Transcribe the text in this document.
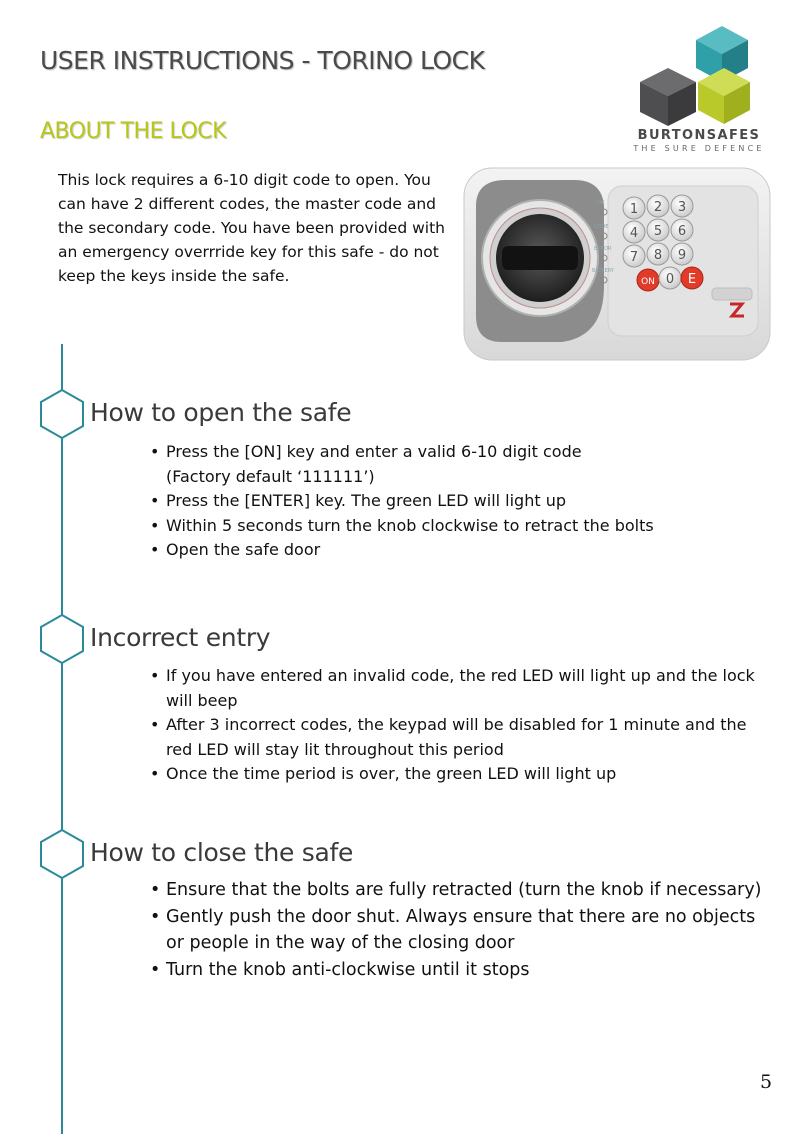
USER INSTRUCTIONS - TORINO LOCK
ABOUT THE LOCK	BURTONSAFES
THE SURE DEFENCE
This lock requires a 6-10 digit code to open. You can have 2 different codes, the master code and the secondary code. You have been provided with an emergency overrride key for this safe - do not keep the keys inside the safe.
OK
CODE
ERROR
BATTERY
1 2 3
4 5 6
7 8 9
ON 0 E
How to open the safe
• Press the [ON] key and enter a valid 6-10 digit code
(Factory default ‘111111’)
• Press the [ENTER] key. The green LED will light up
• Within 5 seconds turn the knob clockwise to retract the bolts
• Open the safe door
Incorrect entry
• If you have entered an invalid code, the red LED will light up and the lock will beep
• After 3 incorrect codes, the keypad will be disabled for 1 minute and the red LED will stay lit throughout this period
• Once the time period is over, the green LED will light up
How to close the safe
• Ensure that the bolts are fully retracted (turn the knob if necessary)
• Gently push the door shut. Always ensure that there are no objects or people in the way of the closing door
• Turn the knob anti-clockwise until it stops
5
